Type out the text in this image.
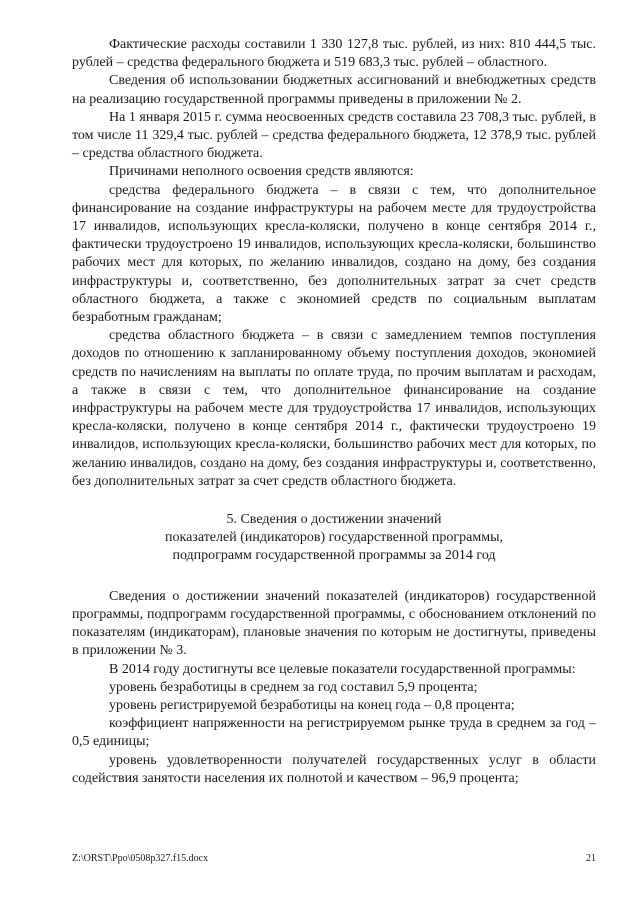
Фактические расходы составили 1 330 127,8 тыс. рублей, из них: 810 444,5 тыс. рублей – средства федерального бюджета и 519 683,3 тыс. рублей – областного.

Сведения об использовании бюджетных ассигнований и внебюджетных средств на реализацию государственной программы приведены в приложении № 2.

На 1 января 2015 г. сумма неосвоенных средств составила 23 708,3 тыс. рублей, в том числе 11 329,4 тыс. рублей – средства федерального бюджета, 12 378,9 тыс. рублей – средства областного бюджета.

Причинами неполного освоения средств являются:

средства федерального бюджета – в связи с тем, что дополнительное финансирование на создание инфраструктуры на рабочем месте для трудоустройства 17 инвалидов, использующих кресла-коляски, получено в конце сентября 2014 г., фактически трудоустроено 19 инвалидов, использующих кресла-коляски, большинство рабочих мест для которых, по желанию инвалидов, создано на дому, без создания инфраструктуры и, соответственно, без дополнительных затрат за счет средств областного бюджета, а также с экономией средств по социальным выплатам безработным гражданам;

средства областного бюджета – в связи с замедлением темпов поступления доходов по отношению к запланированному объему поступления доходов, экономией средств по начислениям на выплаты по оплате труда, по прочим выплатам и расходам, а также в связи с тем, что дополнительное финансирование на создание инфраструктуры на рабочем месте для трудоустройства 17 инвалидов, использующих кресла-коляски, получено в конце сентября 2014 г., фактически трудоустроено 19 инвалидов, использующих кресла-коляски, большинство рабочих мест для которых, по желанию инвалидов, создано на дому, без создания инфраструктуры и, соответственно, без дополнительных затрат за счет средств областного бюджета.

5. Сведения о достижении значений

показателей (индикаторов) государственной программы,

подпрограмм государственной программы за 2014 год

Сведения о достижении значений показателей (индикаторов) государственной программы, подпрограмм государственной программы, с обоснованием отклонений по показателям (индикаторам), плановые значения по которым не достигнуты, приведены в приложении № 3.

В 2014 году достигнуты все целевые показатели государственной программы:

уровень безработицы в среднем за год составил 5,9 процента;

уровень регистрируемой безработицы на конец года – 0,8 процента;

коэффициент напряженности на регистрируемом рынке труда в среднем за год – 0,5 единицы;

уровень удовлетворенности получателей государственных услуг в области содействия занятости населения их полнотой и качеством – 96,9 процента;

Z:\ORST\Ppo\0508p327.f15.docx	21
